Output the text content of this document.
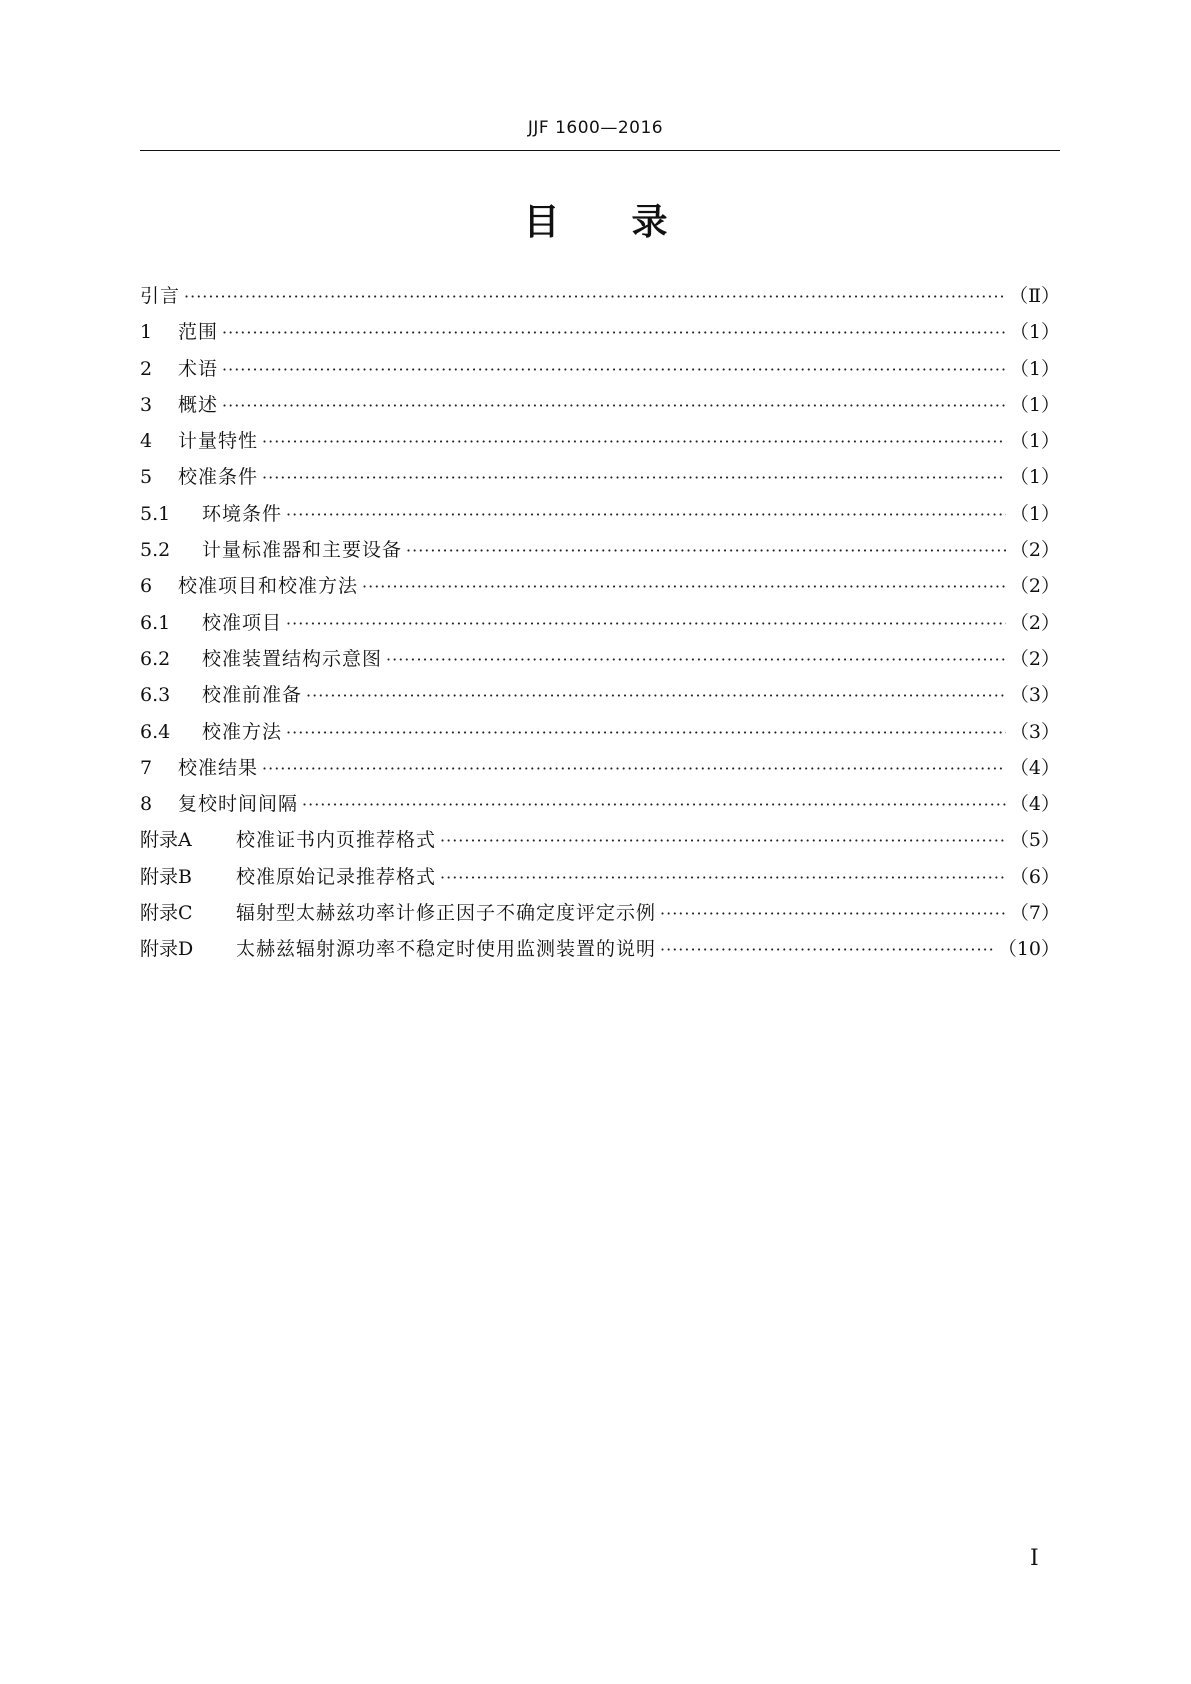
JJF 1600—2016
目　　录
引言 ·····	（Ⅱ）
1	范围 ·····	（1）
2	术语 ·····	（1）
3	概述 ·····	（1）
4	计量特性 ·····	（1）
5	校准条件 ·····	（1）
5.1	环境条件 ·····	（1）
5.2	计量标准器和主要设备 ·····	（2）
6	校准项目和校准方法 ·····	（2）
6.1	校准项目 ·····	（2）
6.2	校准装置结构示意图 ·····	（2）
6.3	校准前准备 ·····	（3）
6.4	校准方法 ·····	（3）
7	校准结果 ·····	（4）
8	复校时间间隔 ·····	（4）
附录A	校准证书内页推荐格式 ·····	（5）
附录B	校准原始记录推荐格式 ·····	（6）
附录C	辐射型太赫兹功率计修正因子不确定度评定示例 ·····	（7）
附录D	太赫兹辐射源功率不稳定时使用监测装置的说明 ·····	（10）
Ⅰ
